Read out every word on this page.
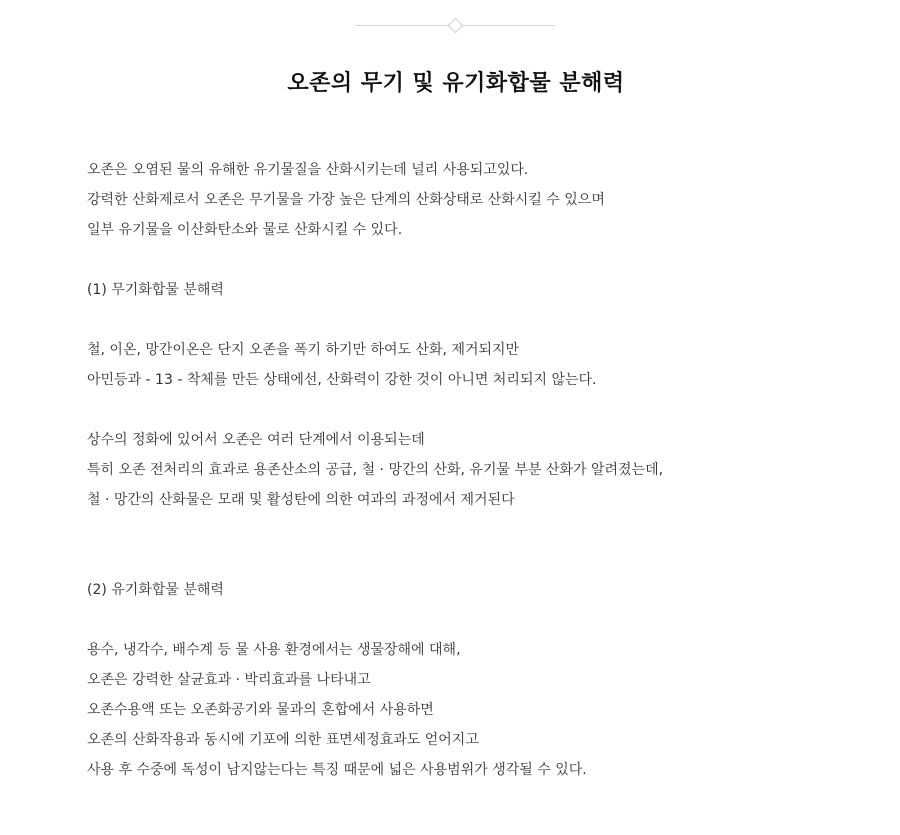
오존의 무기 및 유기화합물 분해력

오존은 오염된 물의 유해한 유기물질을 산화시키는데 널리 사용되고있다.

강력한 산화제로서 오존은 무기물을 가장 높은 단계의 산화상태로 산화시킬 수 있으며

일부 유기물을 이산화탄소와 물로 산화시킬 수 있다.

(1) 무기화합물 분해력

철, 이온, 망간이온은 단지 오존을 폭기 하기만 하여도 산화, 제거되지만

아민등과 - 13 - 착체를 만든 상태에선, 산화력이 강한 것이 아니면 처리되지 않는다.

상수의 정화에 있어서 오존은 여러 단계에서 이용되는데

특히 오존 전처리의 효과로 용존산소의 공급, 철 · 망간의 산화, 유기물 부분 산화가 알려졌는데,

철 · 망간의 산화물은 모래 및 활성탄에 의한 여과의 과정에서 제거된다

(2) 유기화합물 분해력

용수, 냉각수, 배수계 등 물 사용 환경에서는 생물장해에 대해,

오존은 강력한 살균효과 · 박리효과를 나타내고

오존수용액 또는 오존화공기와 물과의 혼합에서 사용하면

오존의 산화작용과 동시에 기포에 의한 표면세정효과도 얻어지고

사용 후 수중에 독성이 남지않는다는 특징 때문에 넓은 사용범위가 생각될 수 있다.
